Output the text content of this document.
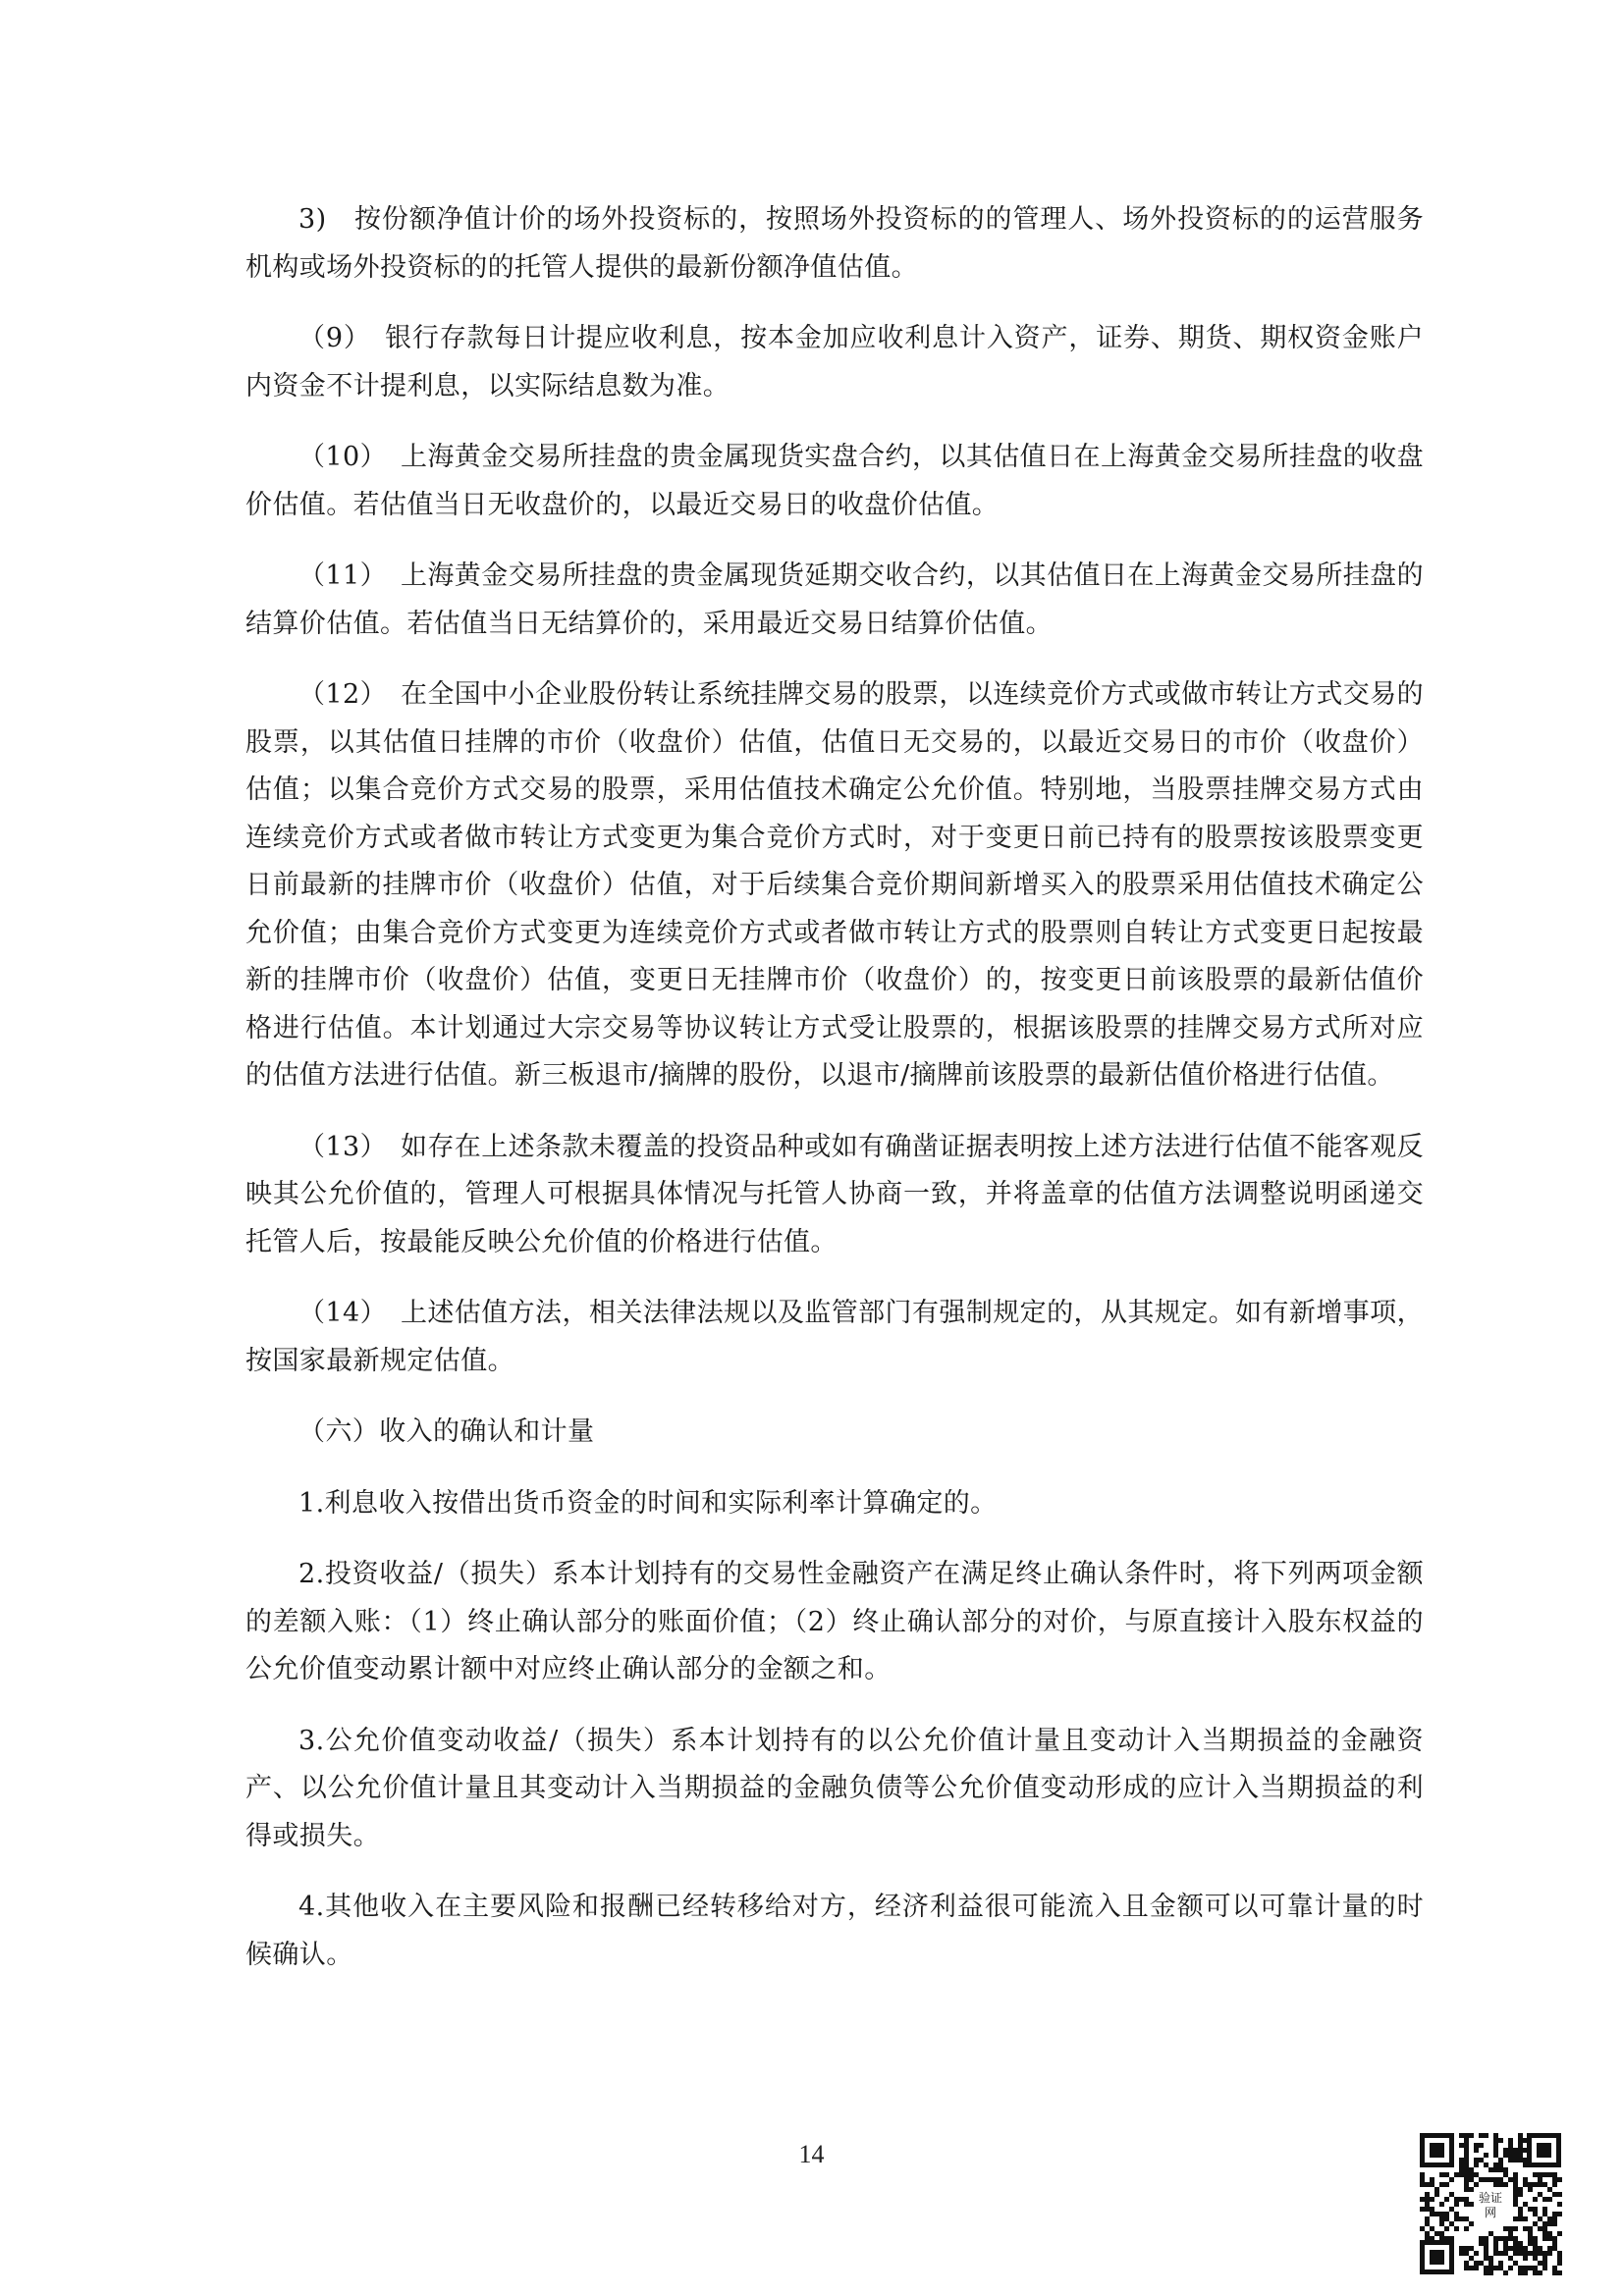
3)　按份额净值计价的场外投资标的，按照场外投资标的的管理人、场外投资标的的运营服务机构或场外投资标的的托管人提供的最新份额净值估值。

（9）　银行存款每日计提应收利息，按本金加应收利息计入资产，证券、期货、期权资金账户内资金不计提利息，以实际结息数为准。

（10）　上海黄金交易所挂盘的贵金属现货实盘合约，以其估值日在上海黄金交易所挂盘的收盘价估值。若估值当日无收盘价的，以最近交易日的收盘价估值。

（11）　上海黄金交易所挂盘的贵金属现货延期交收合约，以其估值日在上海黄金交易所挂盘的结算价估值。若估值当日无结算价的，采用最近交易日结算价估值。

（12）　在全国中小企业股份转让系统挂牌交易的股票，以连续竞价方式或做市转让方式交易的股票，以其估值日挂牌的市价（收盘价）估值，估值日无交易的，以最近交易日的市价（收盘价）估值；以集合竞价方式交易的股票，采用估值技术确定公允价值。特别地，当股票挂牌交易方式由连续竞价方式或者做市转让方式变更为集合竞价方式时，对于变更日前已持有的股票按该股票变更日前最新的挂牌市价（收盘价）估值，对于后续集合竞价期间新增买入的股票采用估值技术确定公允价值；由集合竞价方式变更为连续竞价方式或者做市转让方式的股票则自转让方式变更日起按最新的挂牌市价（收盘价）估值，变更日无挂牌市价（收盘价）的，按变更日前该股票的最新估值价格进行估值。本计划通过大宗交易等协议转让方式受让股票的，根据该股票的挂牌交易方式所对应的估值方法进行估值。新三板退市/摘牌的股份，以退市/摘牌前该股票的最新估值价格进行估值。

（13）　如存在上述条款未覆盖的投资品种或如有确凿证据表明按上述方法进行估值不能客观反映其公允价值的，管理人可根据具体情况与托管人协商一致，并将盖章的估值方法调整说明函递交托管人后，按最能反映公允价值的价格进行估值。

（14）　上述估值方法，相关法律法规以及监管部门有强制规定的，从其规定。如有新增事项，按国家最新规定估值。

（六）收入的确认和计量

1.利息收入按借出货币资金的时间和实际利率计算确定的。

2.投资收益/（损失）系本计划持有的交易性金融资产在满足终止确认条件时，将下列两项金额的差额入账：（1）终止确认部分的账面价值；（2）终止确认部分的对价，与原直接计入股东权益的公允价值变动累计额中对应终止确认部分的金额之和。

3.公允价值变动收益/（损失）系本计划持有的以公允价值计量且变动计入当期损益的金融资产、以公允价值计量且其变动计入当期损益的金融负债等公允价值变动形成的应计入当期损益的利得或损失。

4.其他收入在主要风险和报酬已经转移给对方，经济利益很可能流入且金额可以可靠计量的时候确认。

14
验证
网
